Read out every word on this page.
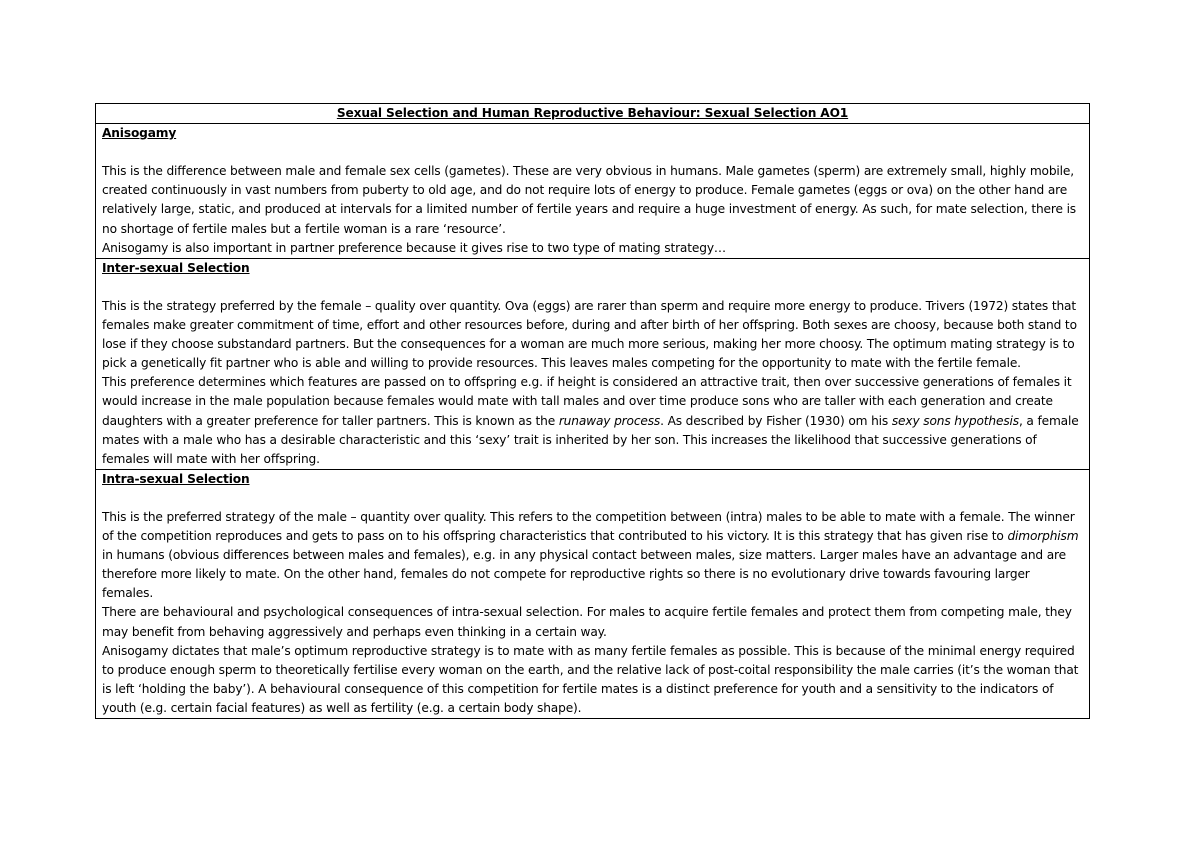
Sexual Selection and Human Reproductive Behaviour: Sexual Selection AO1

Anisogamy
This is the difference between male and female sex cells (gametes). These are very obvious in humans. Male gametes (sperm) are extremely small, highly mobile, created continuously in vast numbers from puberty to old age, and do not require lots of energy to produce. Female gametes (eggs or ova) on the other hand are relatively large, static, and produced at intervals for a limited number of fertile years and require a huge investment of energy. As such, for mate selection, there is no shortage of fertile males but a fertile woman is a rare ‘resource’.
Anisogamy is also important in partner preference because it gives rise to two type of mating strategy…

Inter-sexual Selection
This is the strategy preferred by the female – quality over quantity. Ova (eggs) are rarer than sperm and require more energy to produce. Trivers (1972) states that females make greater commitment of time, effort and other resources before, during and after birth of her offspring. Both sexes are choosy, because both stand to lose if they choose substandard partners. But the consequences for a woman are much more serious, making her more choosy. The optimum mating strategy is to pick a genetically fit partner who is able and willing to provide resources. This leaves males competing for the opportunity to mate with the fertile female.
This preference determines which features are passed on to offspring e.g. if height is considered an attractive trait, then over successive generations of females it would increase in the male population because females would mate with tall males and over time produce sons who are taller with each generation and create daughters with a greater preference for taller partners. This is known as the runaway process. As described by Fisher (1930) om his sexy sons hypothesis, a female mates with a male who has a desirable characteristic and this ‘sexy’ trait is inherited by her son. This increases the likelihood that successive generations of females will mate with her offspring.

Intra-sexual Selection
This is the preferred strategy of the male – quantity over quality. This refers to the competition between (intra) males to be able to mate with a female. The winner of the competition reproduces and gets to pass on to his offspring characteristics that contributed to his victory. It is this strategy that has given rise to dimorphism in humans (obvious differences between males and females), e.g. in any physical contact between males, size matters. Larger males have an advantage and are therefore more likely to mate. On the other hand, females do not compete for reproductive rights so there is no evolutionary drive towards favouring larger females.
There are behavioural and psychological consequences of intra-sexual selection. For males to acquire fertile females and protect them from competing male, they may benefit from behaving aggressively and perhaps even thinking in a certain way.
Anisogamy dictates that male’s optimum reproductive strategy is to mate with as many fertile females as possible. This is because of the minimal energy required to produce enough sperm to theoretically fertilise every woman on the earth, and the relative lack of post-coital responsibility the male carries (it’s the woman that is left ‘holding the baby’). A behavioural consequence of this competition for fertile mates is a distinct preference for youth and a sensitivity to the indicators of youth (e.g. certain facial features) as well as fertility (e.g. a certain body shape).
